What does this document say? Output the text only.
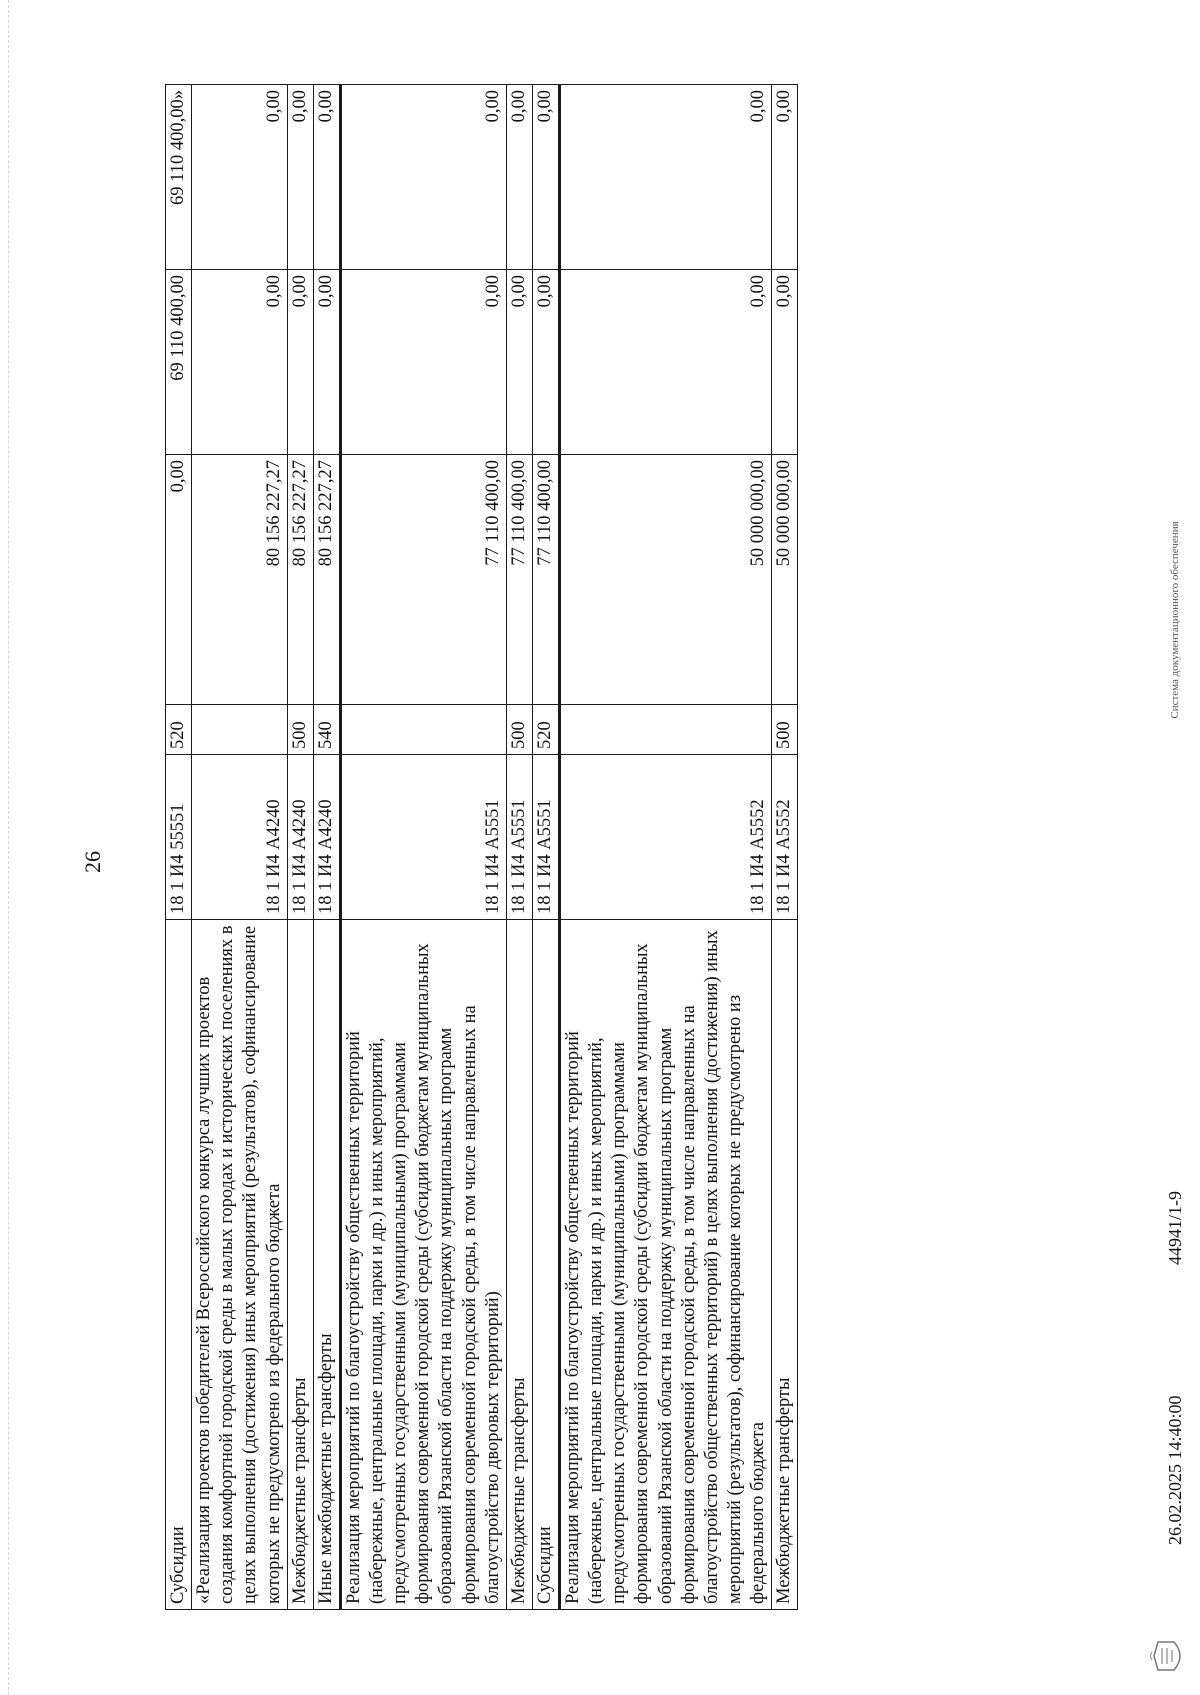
26
Субсидии	18 1 И4 55551	520	0,00	69 110 400,00	69 110 400,00»
«Реализация проектов победителей Всероссийского конкурса лучших проектов создания комфортной городской среды в малых городах и исторических поселениях в целях выполнения (достижения) иных мероприятий (результатов), софинансирование которых не предусмотрено из федерального бюджета	18 1 И4 А4240		80 156 227,27	0,00	0,00
Межбюджетные трансферты	18 1 И4 А4240	500	80 156 227,27	0,00	0,00
Иные межбюджетные трансферты	18 1 И4 А4240	540	80 156 227,27	0,00	0,00
Реализация мероприятий по благоустройству общественных территорий (набережные, центральные площади, парки и др.) и иных мероприятий, предусмотренных государственными (муниципальными) программами формирования современной городской среды (субсидии бюджетам муниципальных образований Рязанской области на поддержку муниципальных программ формирования современной городской среды, в том числе направленных на благоустройство дворовых территорий)	18 1 И4 А5551		77 110 400,00	0,00	0,00
Межбюджетные трансферты	18 1 И4 А5551	500	77 110 400,00	0,00	0,00
Субсидии	18 1 И4 А5551	520	77 110 400,00	0,00	0,00
Реализация мероприятий по благоустройству общественных территорий (набережные, центральные площади, парки и др.) и иных мероприятий, предусмотренных государственными (муниципальными) программами формирования современной городской среды (субсидии бюджетам муниципальных образований Рязанской области на поддержку муниципальных программ формирования современной городской среды, в том числе направленных на благоустройство общественных территорий) в целях выполнения (достижения) иных мероприятий (результатов), софинансирование которых не предусмотрено из федерального бюджета	18 1 И4 А5552		50 000 000,00	0,00	0,00
Межбюджетные трансферты	18 1 И4 А5552	500	50 000 000,00	0,00	0,00
26.02.2025 14:40:00
44941/1-9
Система документационного обеспечения
